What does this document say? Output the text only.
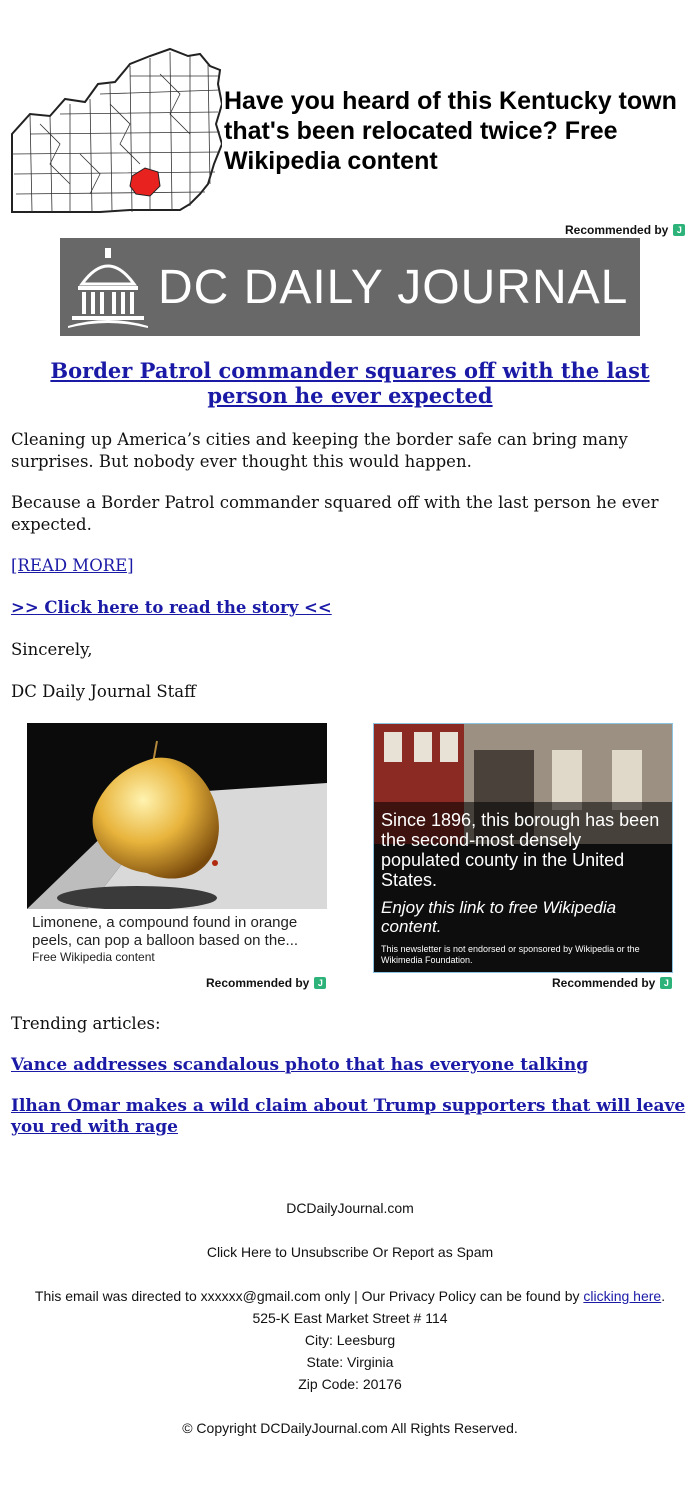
Have you heard of this Kentucky town that's been relocated twice? Free Wikipedia content
Recommended by J
DC DAILY JOURNAL
Border Patrol commander squares off with the last person he ever expected
Cleaning up America’s cities and keeping the border safe can bring many surprises. But nobody ever thought this would happen.
Because a Border Patrol commander squared off with the last person he ever expected.
[READ MORE]
>> Click here to read the story <<
Sincerely,
DC Daily Journal Staff
Limonene, a compound found in orange peels, can pop a balloon based on the...
Free Wikipedia content
Recommended by J
Since 1896, this borough has been the second-most densely populated county in the United States.
Enjoy this link to free Wikipedia content.
This newsletter is not endorsed or sponsored by Wikipedia or the Wikimedia Foundation.
Recommended by J
Trending articles:
Vance addresses scandalous photo that has everyone talking
Ilhan Omar makes a wild claim about Trump supporters that will leave you red with rage
DCDailyJournal.com
Click Here to Unsubscribe Or Report as Spam
This email was directed to xxxxxx@gmail.com only | Our Privacy Policy can be found by clicking here.
525-K East Market Street # 114
City: Leesburg
State: Virginia
Zip Code: 20176
© Copyright DCDailyJournal.com All Rights Reserved.
